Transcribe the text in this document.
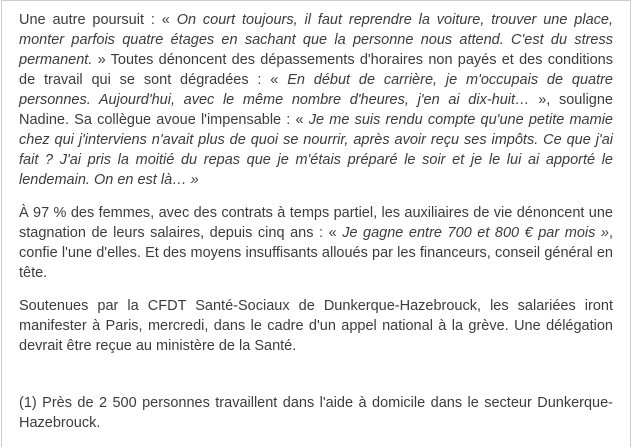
Une autre poursuit : « On court toujours, il faut reprendre la voiture, trouver une place, monter parfois quatre étages en sachant que la personne nous attend. C'est du stress permanent. » Toutes dénoncent des dépassements d'horaires non payés et des conditions de travail qui se sont dégradées : « En début de carrière, je m'occupais de quatre personnes. Aujourd'hui, avec le même nombre d'heures, j'en ai dix-huit… », souligne Nadine. Sa collègue avoue l'impensable : « Je me suis rendu compte qu'une petite mamie chez qui j'interviens n'avait plus de quoi se nourrir, après avoir reçu ses impôts. Ce que j'ai fait ? J'ai pris la moitié du repas que je m'étais préparé le soir et je le lui ai apporté le lendemain. On en est là… »

À 97 % des femmes, avec des contrats à temps partiel, les auxiliaires de vie dénoncent une stagnation de leurs salaires, depuis cinq ans : « Je gagne entre 700 et 800 € par mois », confie l'une d'elles. Et des moyens insuffisants alloués par les financeurs, conseil général en tête.

Soutenues par la CFDT Santé-Sociaux de Dunkerque-Hazebrouck, les salariées iront manifester à Paris, mercredi, dans le cadre d'un appel national à la grève. Une délégation devrait être reçue au ministère de la Santé.

(1) Près de 2 500 personnes travaillent dans l'aide à domicile dans le secteur Dunkerque-Hazebrouck.
